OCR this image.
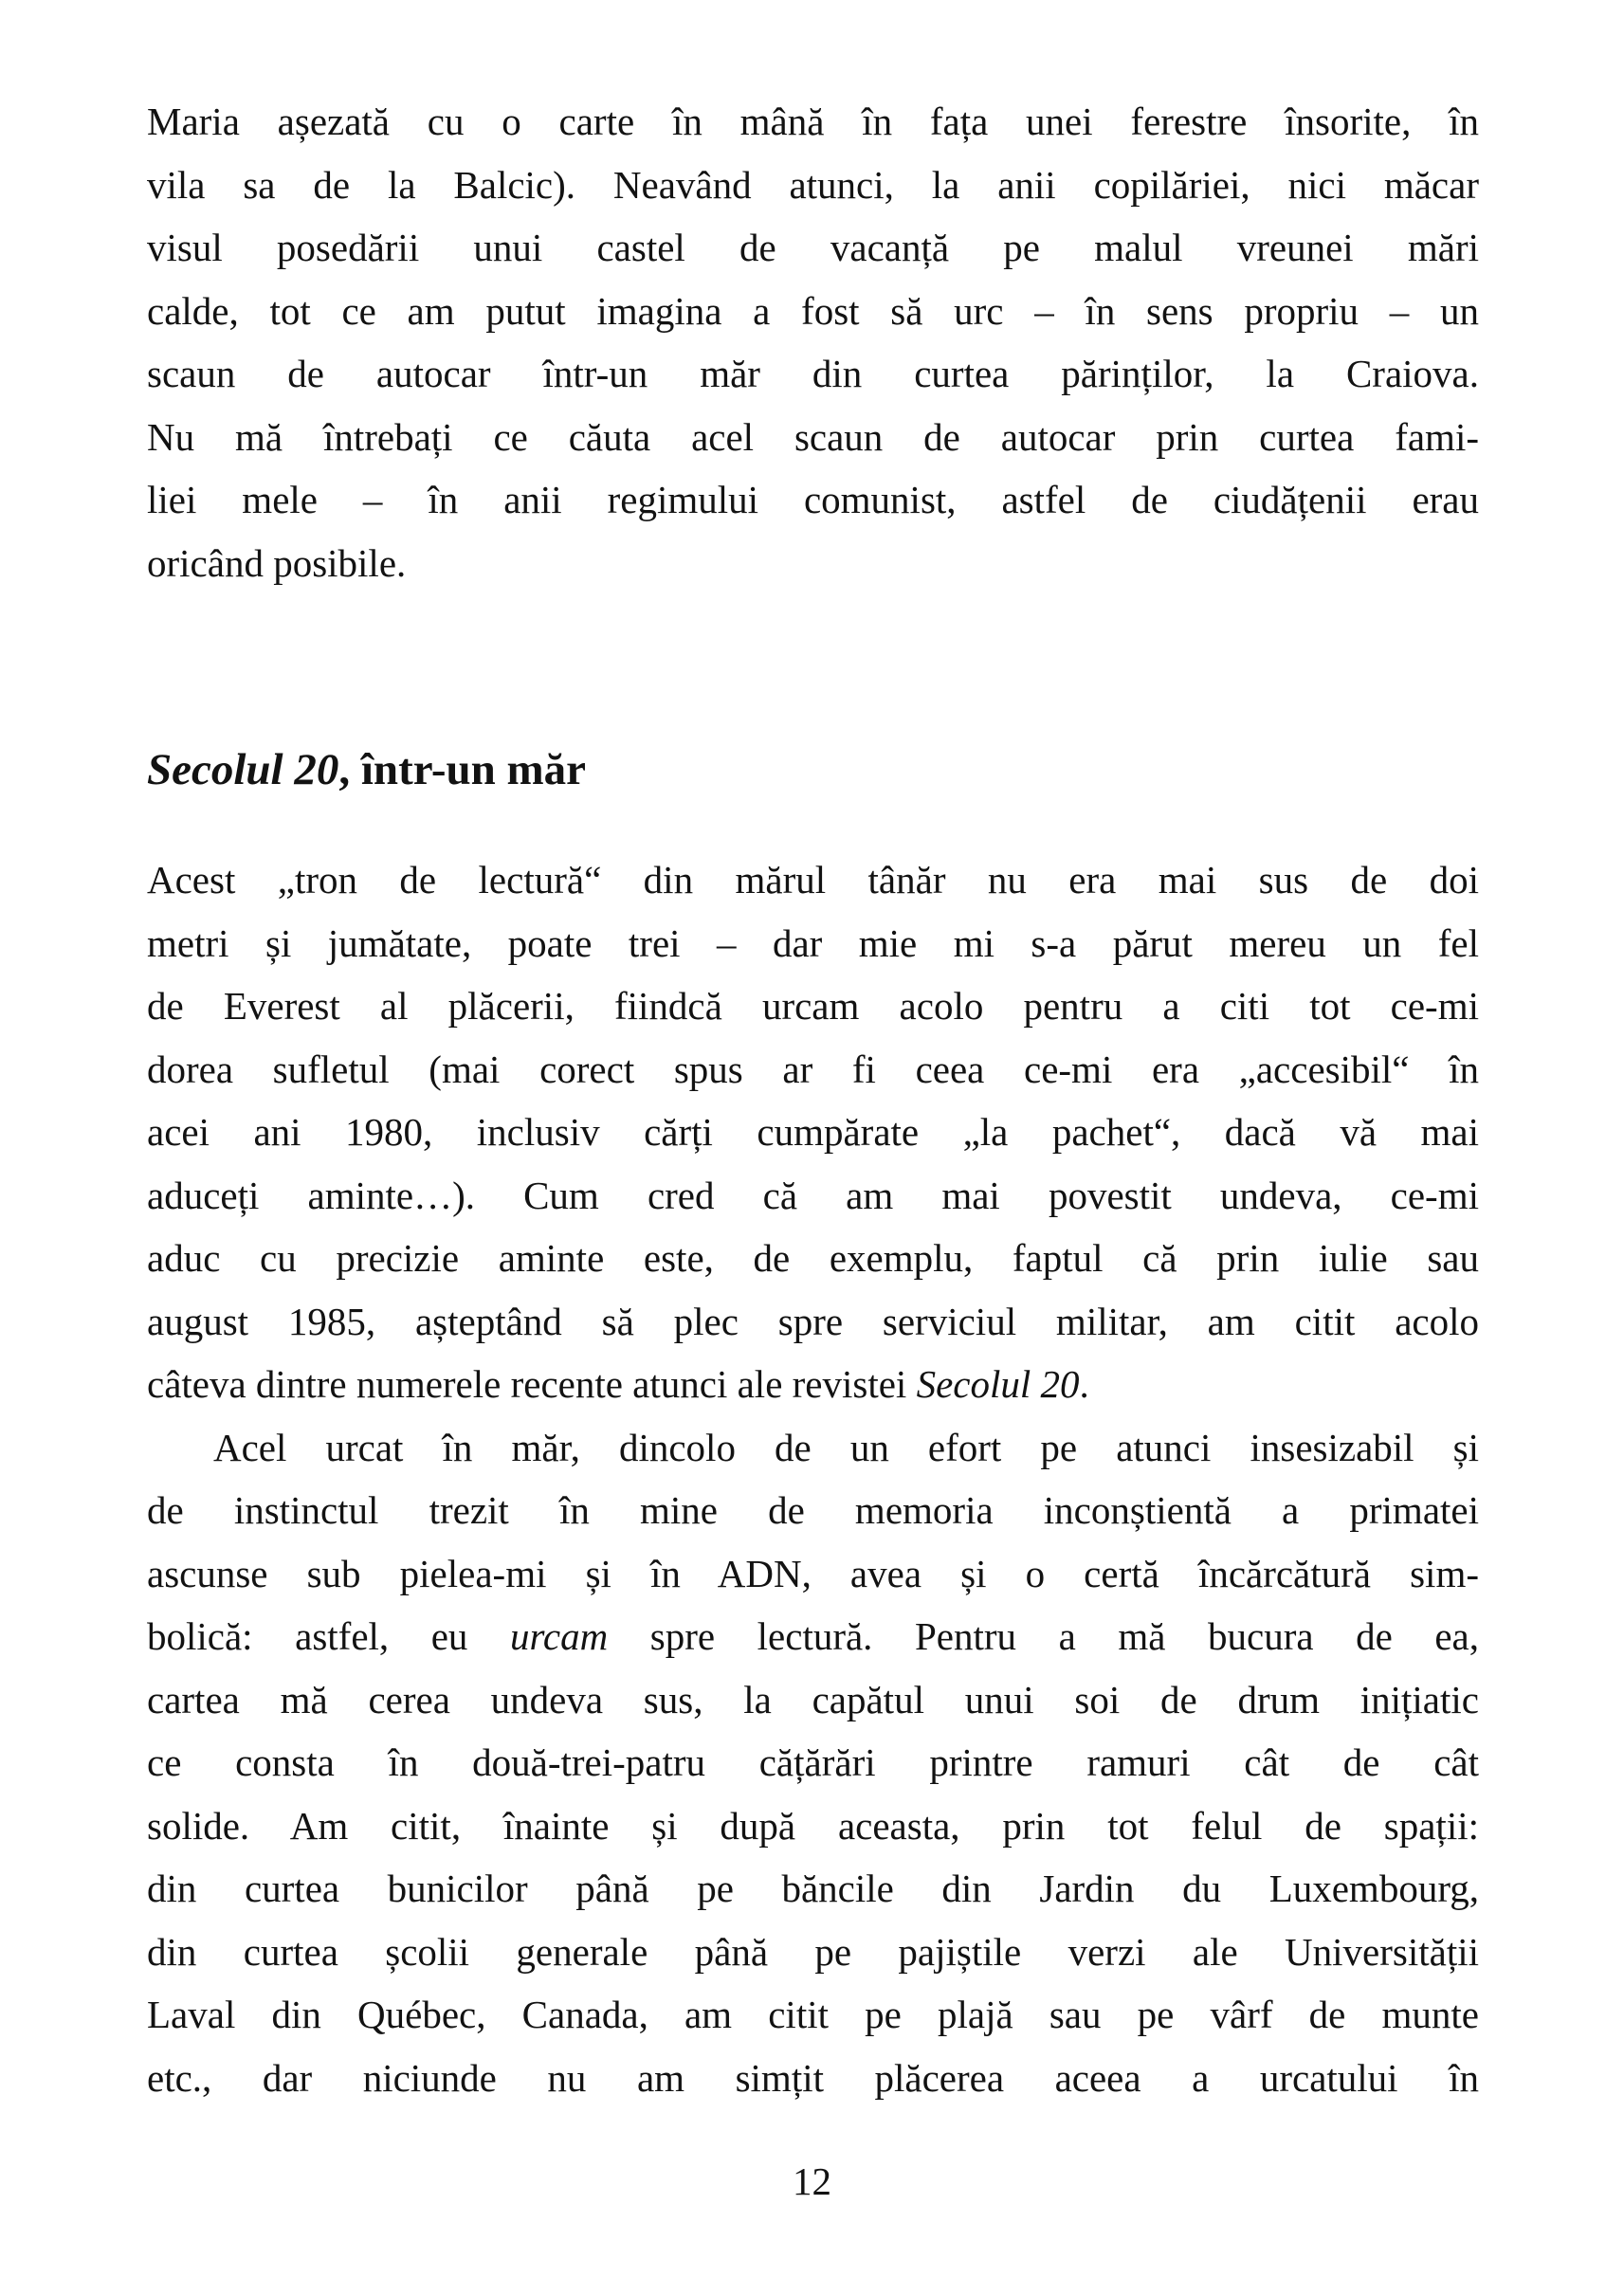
Maria așezată cu o carte în mână în fața unei ferestre însorite, în
vila sa de la Balcic). Neavând atunci, la anii copilăriei, nici măcar
visul posedării unui castel de vacanță pe malul vreunei mări
calde, tot ce am putut imagina a fost să urc – în sens propriu – un
scaun de autocar într-un măr din curtea părinților, la Craiova.
Nu mă întrebați ce căuta acel scaun de autocar prin curtea fami-
liei mele – în anii regimului comunist, astfel de ciudățenii erau
oricând posibile.
Secolul 20, într-un măr
Acest „tron de lectură“ din mărul tânăr nu era mai sus de doi
metri și jumătate, poate trei – dar mie mi s-a părut mereu un fel
de Everest al plăcerii, fiindcă urcam acolo pentru a citi tot ce-mi
dorea sufletul (mai corect spus ar fi ceea ce-mi era „accesibil“ în
acei ani 1980, inclusiv cărți cumpărate „la pachet“, dacă vă mai
aduceți aminte…). Cum cred că am mai povestit undeva, ce-mi
aduc cu precizie aminte este, de exemplu, faptul că prin iulie sau
august 1985, așteptând să plec spre serviciul militar, am citit acolo
câteva dintre numerele recente atunci ale revistei Secolul 20.
Acel urcat în măr, dincolo de un efort pe atunci insesizabil și
de instinctul trezit în mine de memoria inconștientă a primatei
ascunse sub pielea-mi și în ADN, avea și o certă încărcătură sim-
bolică: astfel, eu urcam spre lectură. Pentru a mă bucura de ea,
cartea mă cerea undeva sus, la capătul unui soi de drum inițiatic
ce consta în două-trei-patru cățărări printre ramuri cât de cât
solide. Am citit, înainte și după aceasta, prin tot felul de spații:
din curtea bunicilor până pe băncile din Jardin du Luxembourg,
din curtea școlii generale până pe pajiștile verzi ale Universității
Laval din Québec, Canada, am citit pe plajă sau pe vârf de munte
etc., dar niciunde nu am simțit plăcerea aceea a urcatului în
12
